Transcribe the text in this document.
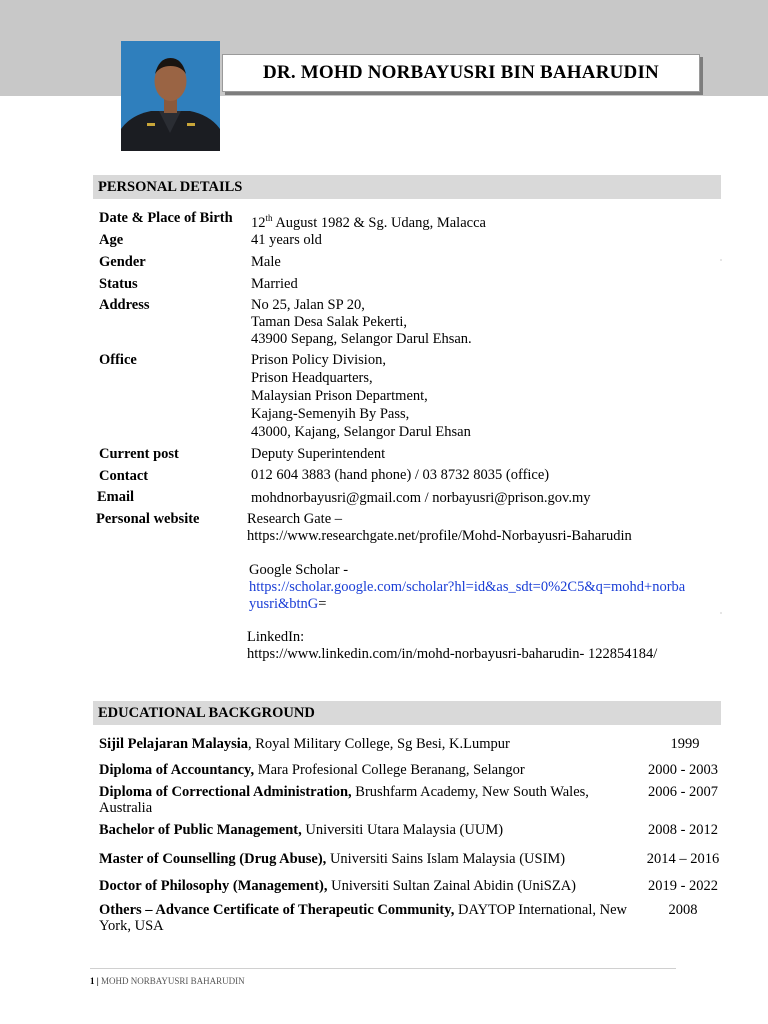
DR. MOHD NORBAYUSRI BIN BAHARUDIN
PERSONAL DETAILS
Date & Place of Birth 12th August 1982 & Sg. Udang, Malacca
Age	41 years old
Gender	Male
Status	Married
Address	No 25, Jalan SP 20,
Taman Desa Salak Pekerti,
43900 Sepang, Selangor Darul Ehsan.
Office	Prison Policy Division,
Prison Headquarters,
Malaysian Prison Department,
Kajang-Semenyih By Pass,
43000, Kajang, Selangor Darul Ehsan
Current post	Deputy Superintendent
Contact	012 604 3883 (hand phone) / 03 8732 8035 (office)
Email	mohdnorbayusri@gmail.com / norbayusri@prison.gov.my
Personal website	Research Gate –
https://www.researchgate.net/profile/Mohd-Norbayusri-Baharudin
Google Scholar -
https://scholar.google.com/scholar?hl=id&as_sdt=0%2C5&q=mohd+norba
yusri&btnG=
LinkedIn:
https://www.linkedin.com/in/mohd-norbayusri-baharudin- 122854184/
EDUCATIONAL BACKGROUND
Sijil Pelajaran Malaysia, Royal Military College, Sg Besi, K.Lumpur	1999
Diploma of Accountancy, Mara Profesional College Beranang, Selangor	2000 - 2003
Diploma of Correctional Administration, Brushfarm Academy, New South Wales, Australia
2006 - 2007
Bachelor of Public Management, Universiti Utara Malaysia (UUM)	2008 - 2012
Master of Counselling (Drug Abuse), Universiti Sains Islam Malaysia (USIM)	2014 – 2016
Doctor of Philosophy (Management), Universiti Sultan Zainal Abidin (UniSZA)	2019 - 2022
Others – Advance Certificate of Therapeutic Community, DAYTOP International, New York, USA
2008
1 | MOHD NORBAYUSRI BAHARUDIN
